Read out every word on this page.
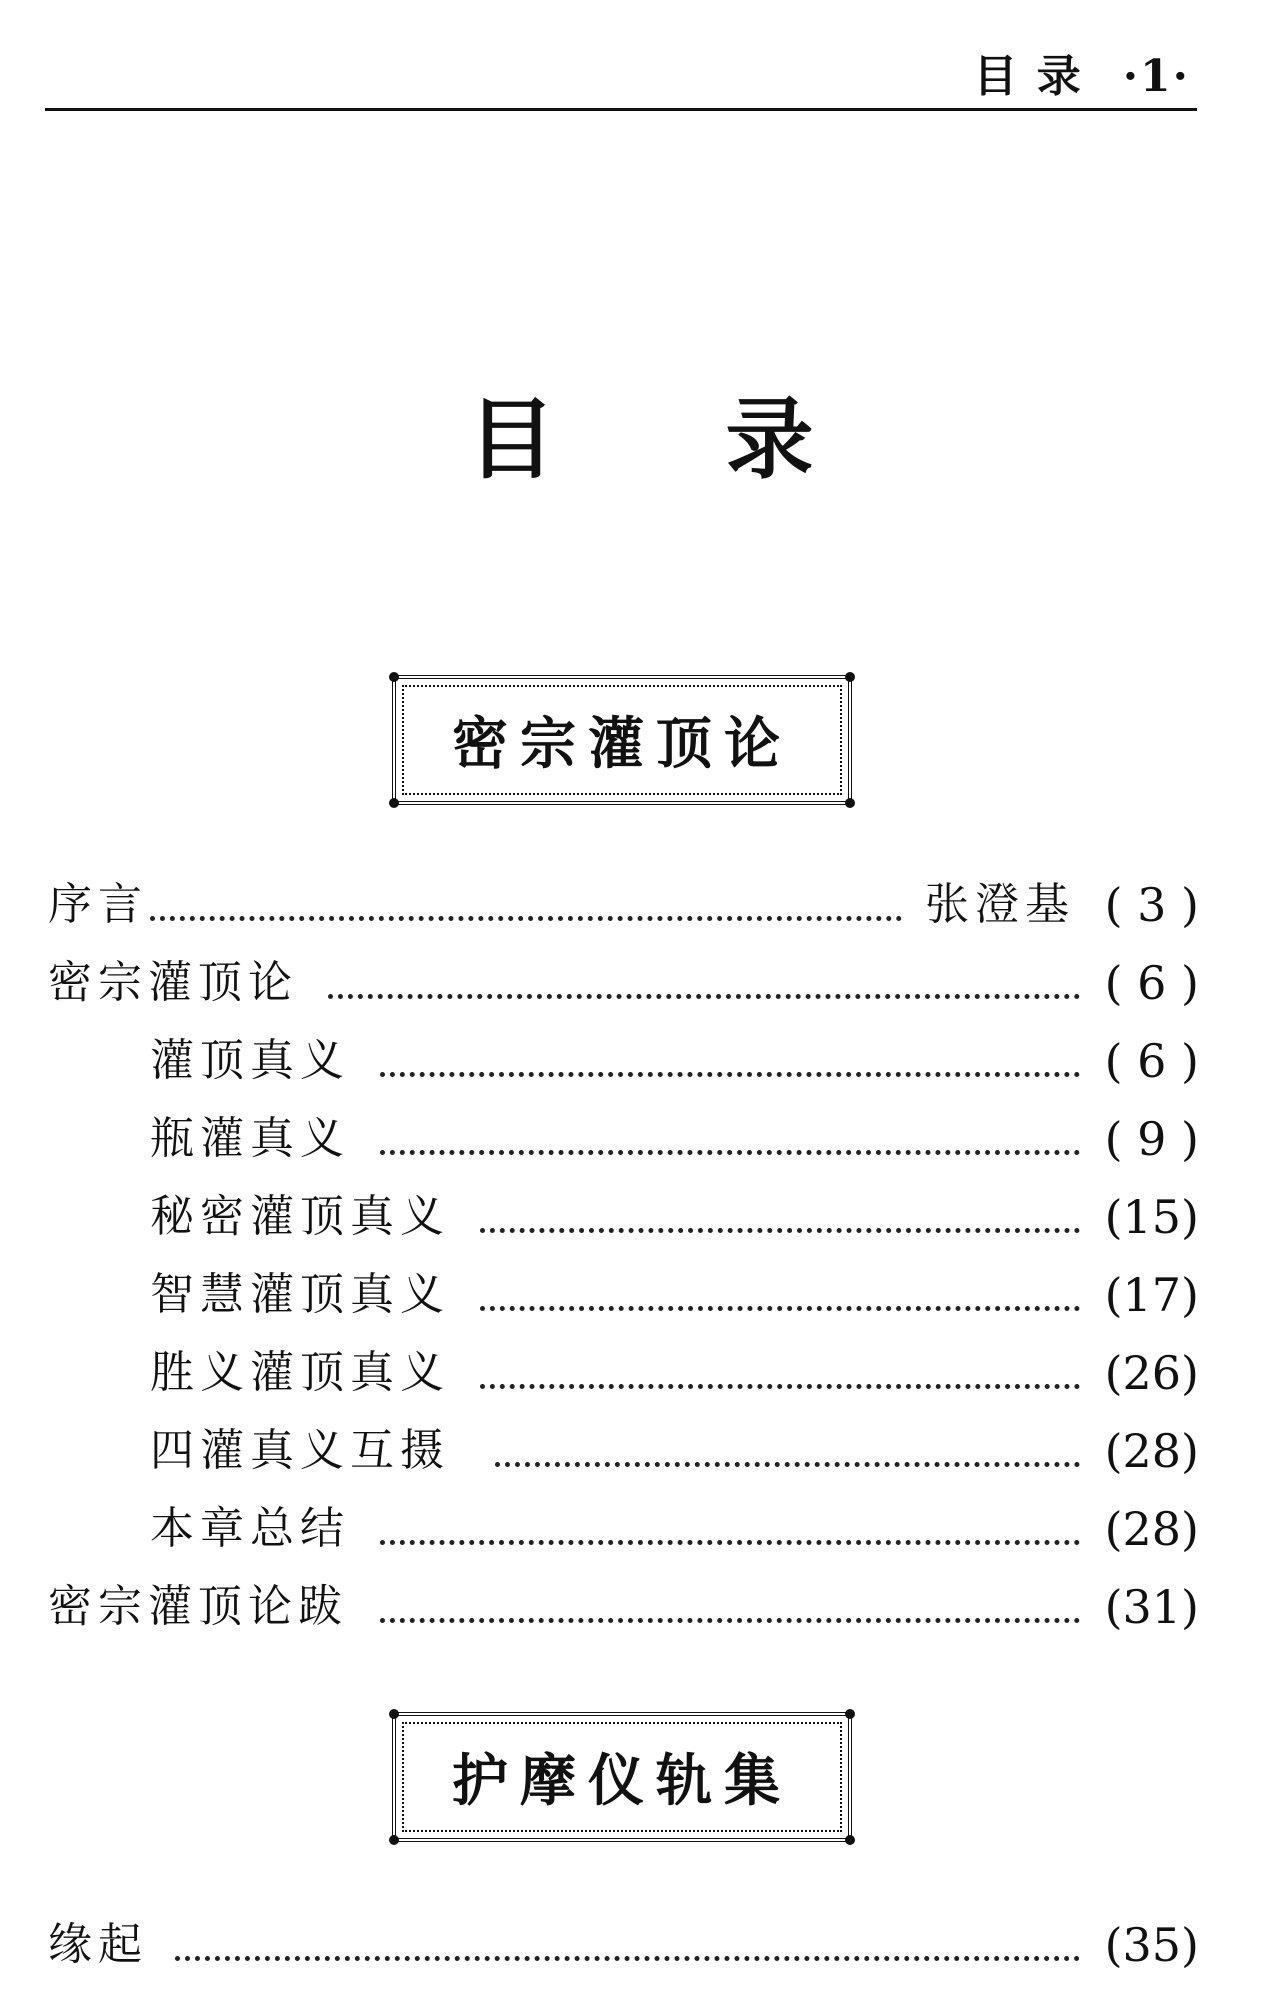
目 录 ·1·
目 录
密宗灌顶论
序言	张澄基 ( 3 )
密宗灌顶论	( 6 )
灌顶真义	( 6 )
瓶灌真义	( 9 )
秘密灌顶真义	(15)
智慧灌顶真义	(17)
胜义灌顶真义	(26)
四灌真义互摄	(28)
本章总结	(28)
密宗灌顶论跋	(31)
护摩仪轨集
缘起	(35)
